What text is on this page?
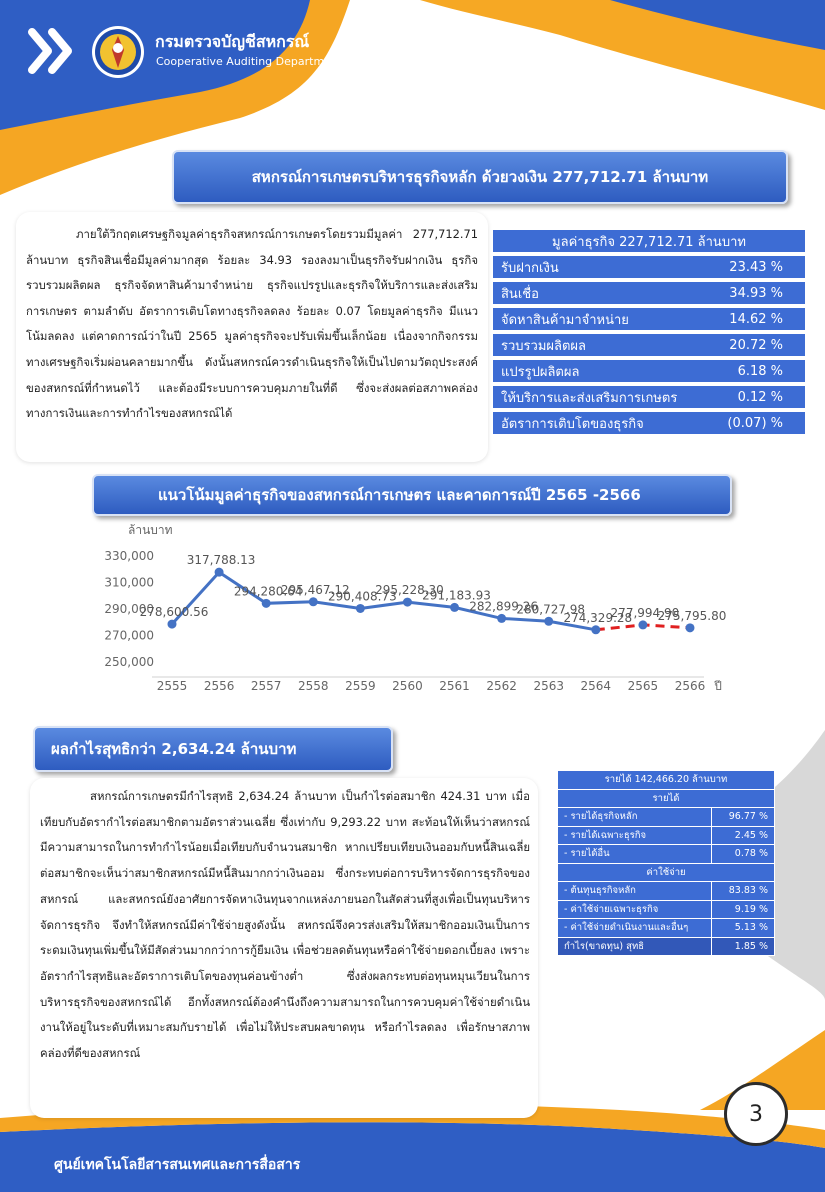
กรมตรวจบัญชีสหกรณ์
Cooperative Auditing Department
สหกรณ์การเกษตรบริหารธุรกิจหลัก ด้วยวงเงิน 277,712.71 ล้านบาท

ภายใต้วิกฤตเศรษฐกิจมูลค่าธุรกิจสหกรณ์การเกษตรโดยรวมมีมูลค่า 277,712.71 ล้านบาท ธุรกิจสินเชื่อมีมูลค่ามากสุด ร้อยละ 34.93 รองลงมาเป็นธุรกิจรับฝากเงิน ธุรกิจรวบรวมผลิตผล ธุรกิจจัดหาสินค้ามาจำหน่าย ธุรกิจแปรรูปและธุรกิจให้บริการและส่งเสริมการเกษตร ตามลำดับ อัตราการเติบโตทางธุรกิจลดลง ร้อยละ 0.07 โดยมูลค่าธุรกิจ มีแนวโน้มลดลง แต่คาดการณ์ว่าในปี 2565 มูลค่าธุรกิจจะปรับเพิ่มขึ้นเล็กน้อย เนื่องจากกิจกรรมทางเศรษฐกิจเริ่มผ่อนคลายมากขึ้น ดังนั้นสหกรณ์ควรดำเนินธุรกิจให้เป็นไปตามวัตถุประสงค์ของสหกรณ์ที่กำหนดไว้ และต้องมีระบบการควบคุมภายในที่ดี ซึ่งจะส่งผลต่อสภาพคล่องทางการเงินและการทำกำไรของสหกรณ์ได้

มูลค่าธุรกิจ 227,712.71 ล้านบาท	
รับฝากเงิน	23.43 %
สินเชื่อ	34.93 %
จัดหาสินค้ามาจำหน่าย	14.62 %
รวบรวมผลิตผล	20.72 %
แปรรูปผลิตผล	6.18 %
ให้บริการและส่งเสริมการเกษตร	0.12 %
อัตราการเติบโตของธุรกิจ	(0.07) %
ล้านบาท
250,000
270,000
290,000
310,000
330,000
2555 2556 2557 2558 2559 2560 2561 2562 2563 2564 2565 2566 ปี
278,600.56
317,788.13
294,280.64
295,467.12
290,408.73
295,228.30
291,183.93
282,899.26
280,727.98
274,329.28
277,994.90
275,795.80
แนวโน้มมูลค่าธุรกิจของสหกรณ์การเกษตร และคาดการณ์ปี 2565 -2566
ผลกำไรสุทธิกว่า 2,634.24 ล้านบาท

สหกรณ์การเกษตรมีกำไรสุทธิ 2,634.24 ล้านบาท เป็นกำไรต่อสมาชิก 424.31 บาท เมื่อเทียบกับอัตรากำไรต่อสมาชิกตามอัตราส่วนเฉลี่ย ซึ่งเท่ากับ 9,293.22 บาท สะท้อนให้เห็นว่าสหกรณ์มีความสามารถในการทำกำไรน้อยเมื่อเทียบกับจำนวนสมาชิก หากเปรียบเทียบเงินออมกับหนี้สินเฉลี่ยต่อสมาชิกจะเห็นว่าสมาชิกสหกรณ์มีหนี้สินมากกว่าเงินออม ซึ่งกระทบต่อการบริหารจัดการธุรกิจของสหกรณ์ และสหกรณ์ยังอาศัยการจัดหาเงินทุนจากแหล่งภายนอกในสัดส่วนที่สูงเพื่อเป็นทุนบริหารจัดการธุรกิจ จึงทำให้สหกรณ์มีค่าใช้จ่ายสูงดังนั้น สหกรณ์จึงควรส่งเสริมให้สมาชิกออมเงินเป็นการระดมเงินทุนเพิ่มขึ้นให้มีสัดส่วนมากกว่าการกู้ยืมเงิน เพื่อช่วยลดต้นทุนหรือค่าใช้จ่ายดอกเบี้ยลง เพราะอัตรากำไรสุทธิและอัตราการเติบโตของทุนค่อนข้างต่ำ ซึ่งส่งผลกระทบต่อทุนหมุนเวียนในการบริหารธุรกิจของสหกรณ์ได้ อีกทั้งสหกรณ์ต้องคำนึงถึงความสามารถในการควบคุมค่าใช้จ่ายดำเนินงานให้อยู่ในระดับที่เหมาะสมกับรายได้ เพื่อไม่ให้ประสบผลขาดทุน หรือกำไรลดลง เพื่อรักษาสภาพคล่องที่ดีของสหกรณ์

รายได้ 142,466.20 ล้านบาท	
รายได้	
- รายได้ธุรกิจหลัก	96.77 %
- รายได้เฉพาะธุรกิจ	2.45 %
- รายได้อื่น	0.78 %
ค่าใช้จ่าย	
- ต้นทุนธุรกิจหลัก	83.83 %
- ค่าใช้จ่ายเฉพาะธุรกิจ	9.19 %
- ค่าใช้จ่ายดำเนินงานและอื่นๆ	5.13 %
กำไร(ขาดทุน) สุทธิ	1.85 %
3
ศูนย์เทคโนโลยีสารสนเทศและการสื่อสาร
